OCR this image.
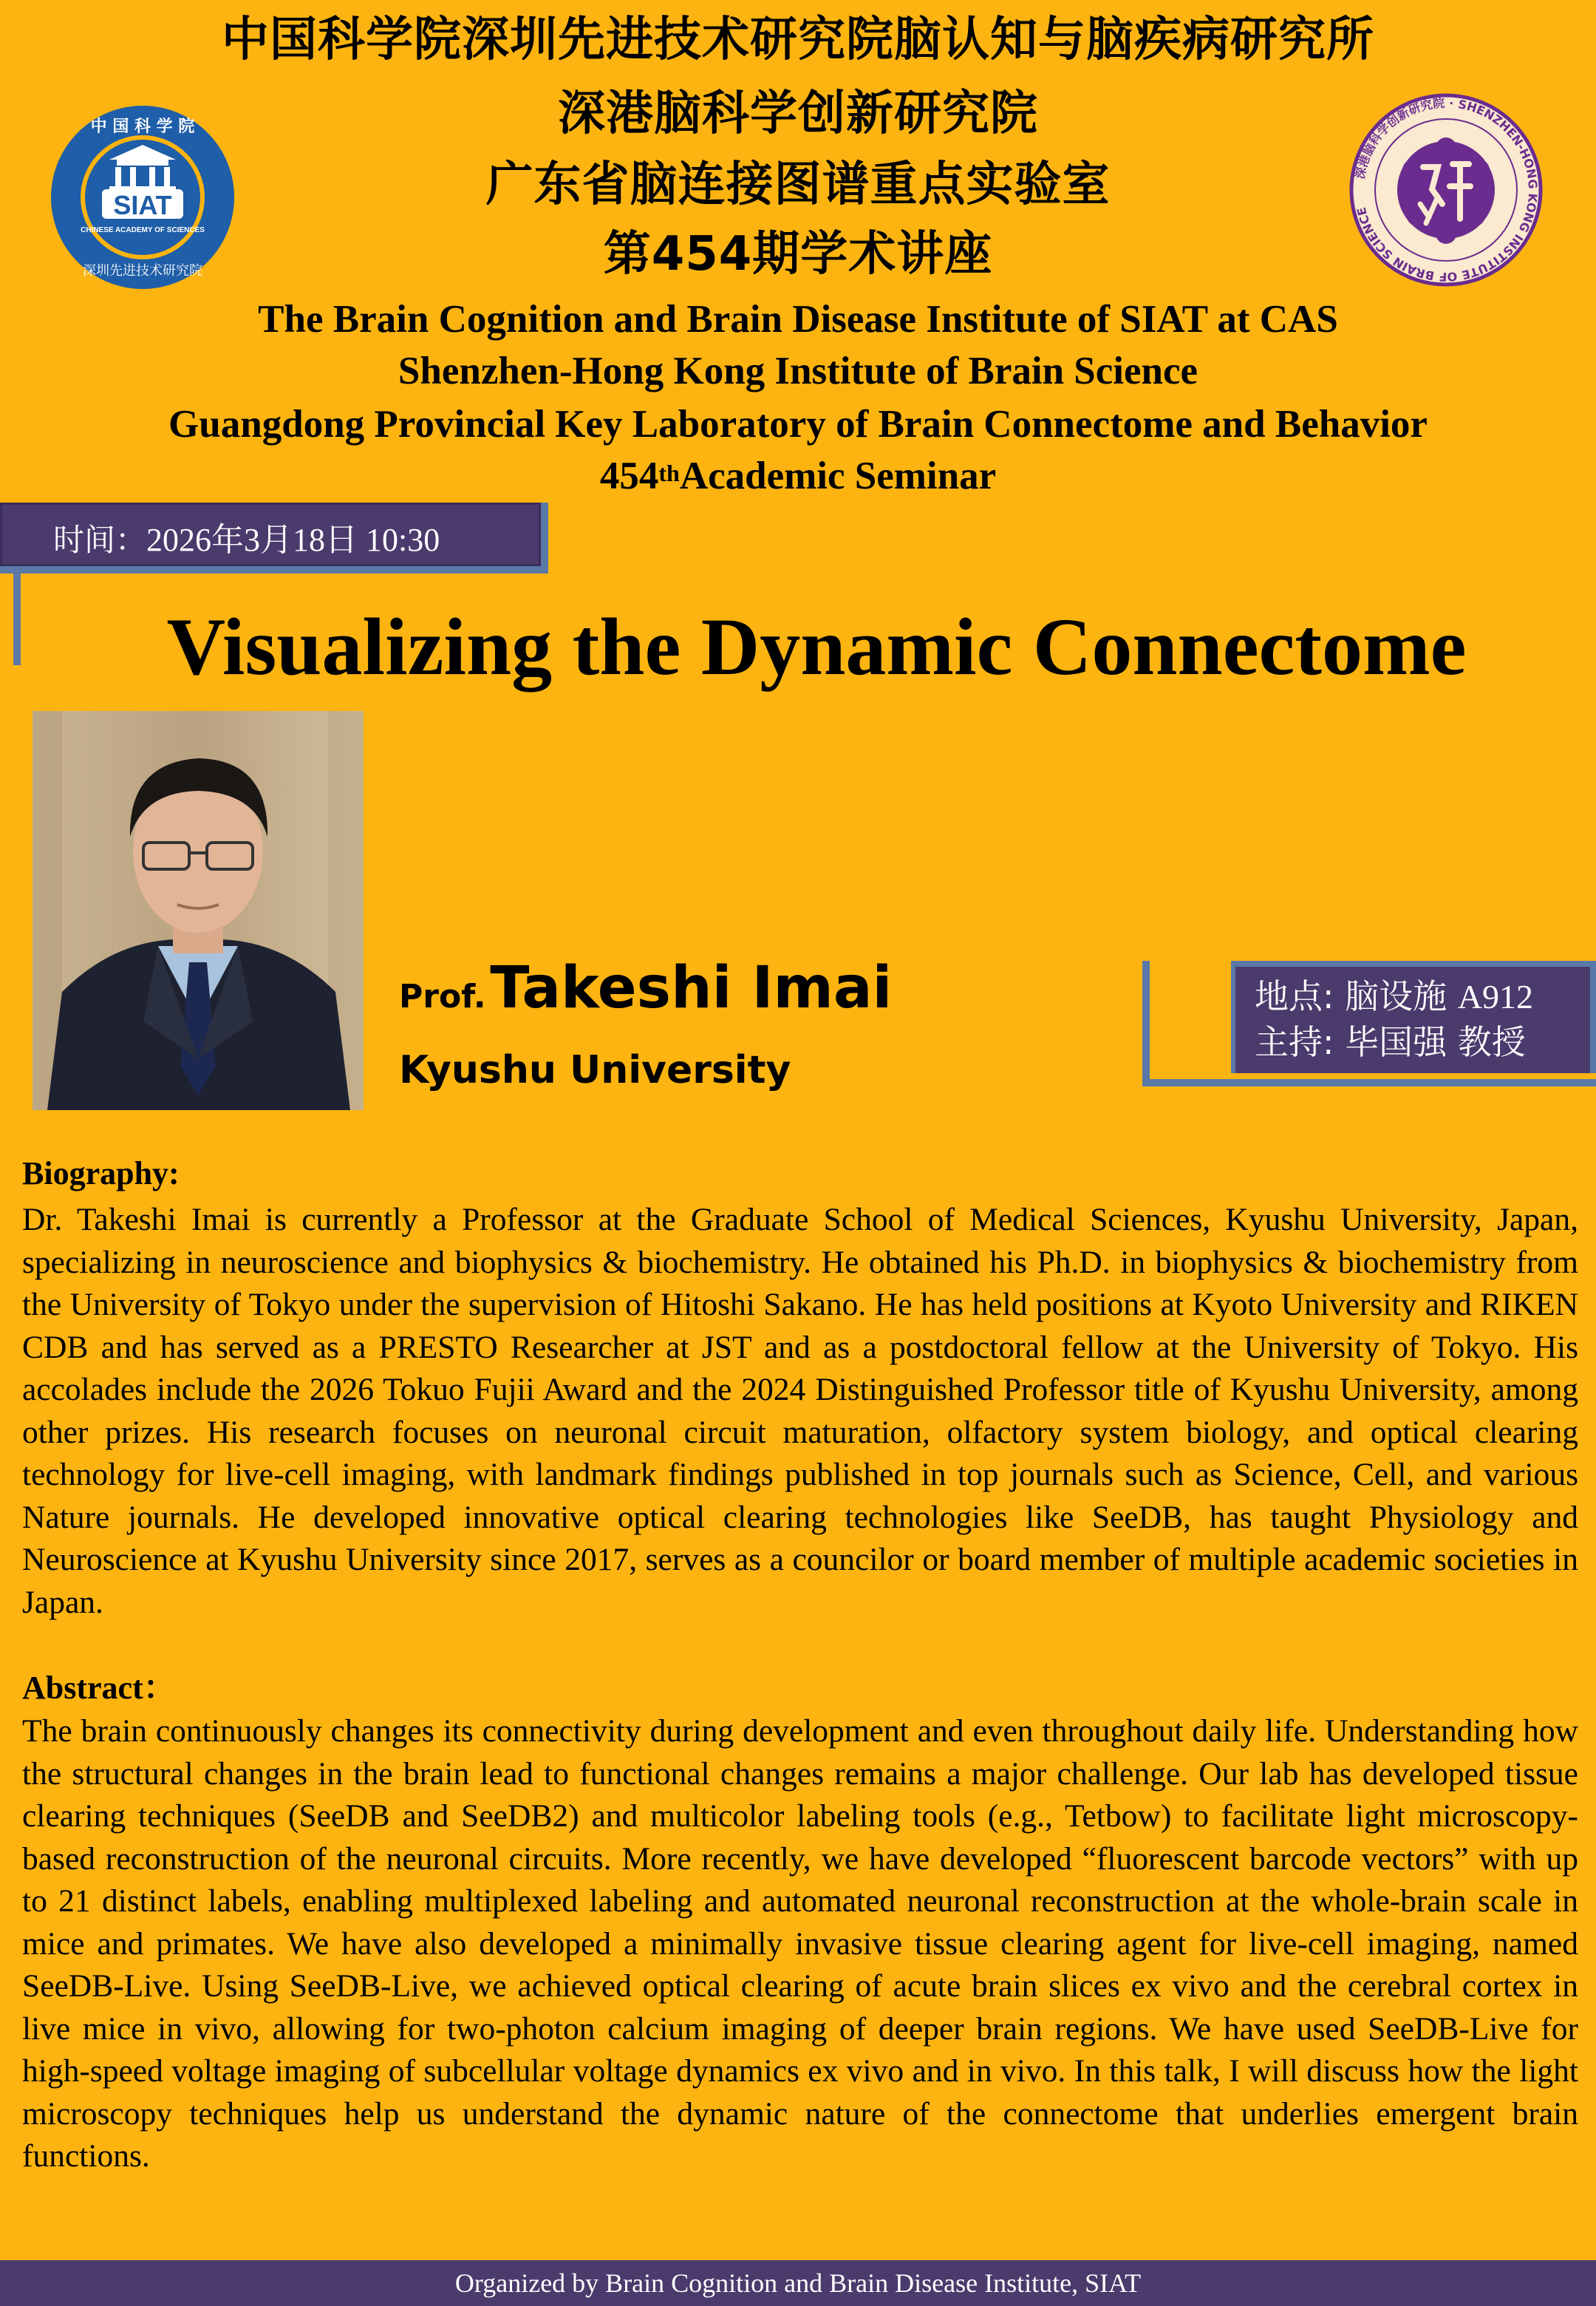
中国科学院深圳先进技术研究院脑认知与脑疾病研究所
深港脑科学创新研究院
广东省脑连接图谱重点实验室
第454期学术讲座
The Brain Cognition and Brain Disease Institute of SIAT at CAS
Shenzhen-Hong Kong Institute of Brain Science
Guangdong Provincial Key Laboratory of Brain Connectome and Behavior
454thAcademic Seminar
中 国 科 学 院
SIAT
CHINESE ACADEMY OF SCIENCES
深圳先进技术研究院
深港脑科学创新研究院 · SHENZHEN-HONG KONG INSTITUTE OF BRAIN SCIENCE
时间：2026年3月18日 10:30
Visualizing the Dynamic Connectome
Prof. Takeshi Imai
Kyushu University
地点: 脑设施 A912
主持: 毕国强 教授
Biography:
Dr. Takeshi Imai is currently a Professor at the Graduate School of Medical Sciences, Kyushu University, Japan, specializing in neuroscience and biophysics & biochemistry. He obtained his Ph.D. in biophysics & biochemistry from the University of Tokyo under the supervision of Hitoshi Sakano. He has held positions at Kyoto University and RIKEN CDB and has served as a PRESTO Researcher at JST and as a postdoctoral fellow at the University of Tokyo. His accolades include the 2026 Tokuo Fujii Award and the 2024 Distinguished Professor title of Kyushu University, among other prizes. His research focuses on neuronal circuit maturation, olfactory system biology, and optical clearing technology for live-cell imaging, with landmark findings published in top journals such as Science, Cell, and various Nature journals. He developed innovative optical clearing technologies like SeeDB, has taught Physiology and Neuroscience at Kyushu University since 2017, serves as a councilor or board member of multiple academic societies in Japan.
Abstract：
The brain continuously changes its connectivity during development and even throughout daily life. Understanding how the structural changes in the brain lead to functional changes remains a major challenge. Our lab has developed tissue clearing techniques (SeeDB and SeeDB2) and multicolor labeling tools (e.g., Tetbow) to facilitate light microscopy-based reconstruction of the neuronal circuits. More recently, we have developed “fluorescent barcode vectors” with up to 21 distinct labels, enabling multiplexed labeling and automated neuronal reconstruction at the whole-brain scale in mice and primates. We have also developed a minimally invasive tissue clearing agent for live-cell imaging, named SeeDB-Live. Using SeeDB-Live, we achieved optical clearing of acute brain slices ex vivo and the cerebral cortex in live mice in vivo, allowing for two-photon calcium imaging of deeper brain regions. We have used SeeDB-Live for high-speed voltage imaging of subcellular voltage dynamics ex vivo and in vivo. In this talk, I will discuss how the light microscopy techniques help us understand the dynamic nature of the connectome that underlies emergent brain functions.
Organized by Brain Cognition and Brain Disease Institute, SIAT
